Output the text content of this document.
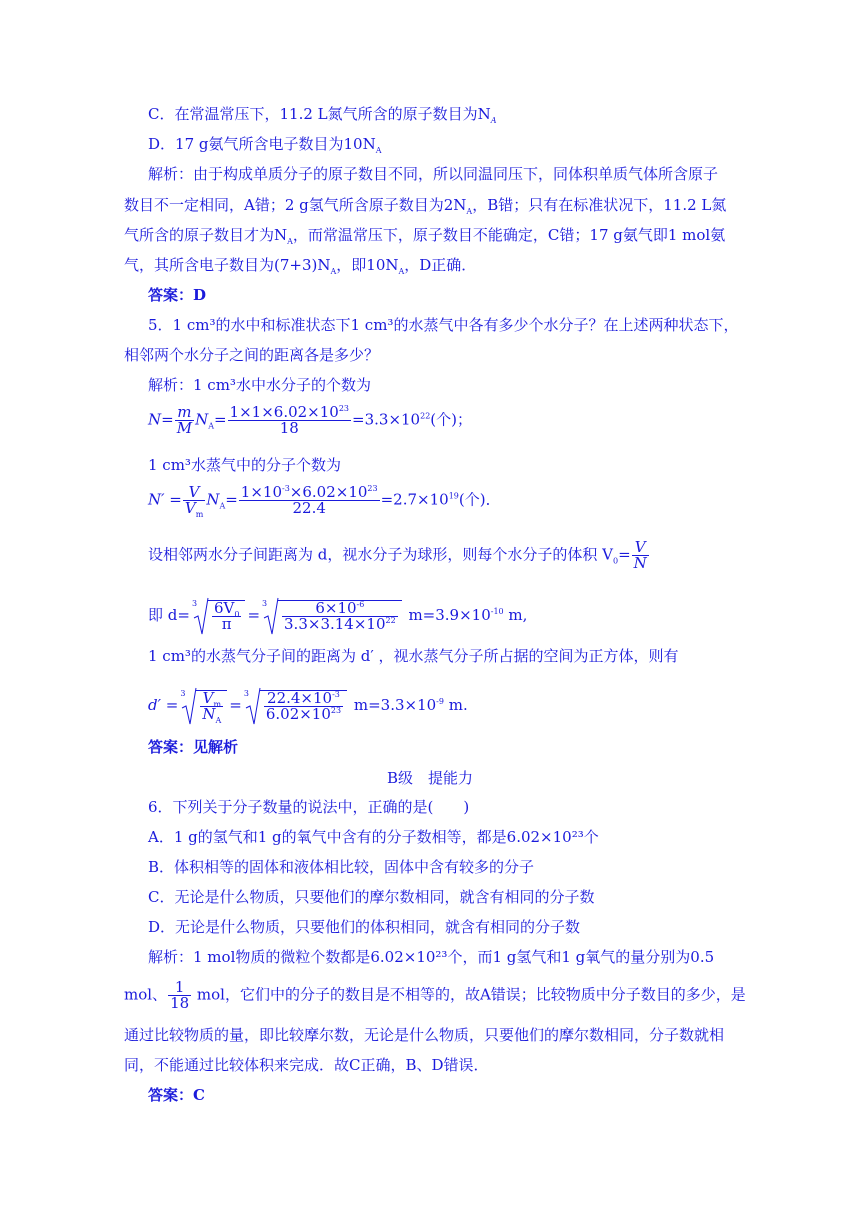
C．在常温常压下，11.2 L氮气所含的原子数目为$N_A$
D．17 g氨气所含电子数目为$10N_A$
解析：由于构成单质分子的原子数目不同，所以同温同压下，同体积单质气体所含原子
数目不一定相同，A错；2 g氢气所含原子数目为$2N_A$，B错；只有在标准状况下，11.2 L氮
气所含的原子数目才为$N_A$，而常温常压下，原子数目不能确定，C错；17 g氨气即1 mol氨
气，其所含电子数目为$(7+3)N_A$，即$10N_A$，D正确．
答案：D
5．1 cm³的水中和标准状态下1 cm³的水蒸气中各有多少个水分子？在上述两种状态下，
相邻两个水分子之间的距离各是多少？
解析：1 cm³水中水分子的个数为
$N= \frac{m}{M} N_A= \frac{1\times 1\times 6.02\times 10^{23}}{18} =3.3\times 10^{22}$(个)；
1 cm³水蒸气中的分子个数为
$N' = \frac{V}{V_m} N_A= \frac{1\times 10^{-3}\times 6.02\times 10^{23}}{22.4} =2.7\times 10^{19}$(个)．
设相邻两水分子间距离为 d，视水分子为球形，则每个水分子的体积 $V_0= \frac{V}{N}$
即 d=
$3 \frac{6V_0}{\pi}$ =
$3 \frac{6\times 10^{-6}}{3.3\times 3.14\times 10^{22}} m=3.9\times 10^{-10}$ m,
1 cm³的水蒸气分子间的距离为 d′ ，视水蒸气分子所占据的空间为正方体，则有
d′ =
$3 \frac{V_m}{N_A}$ =
$3 \frac{22.4\times 10^{-3}}{6.02\times 10^{23}} m=3.3\times 10^{-9}$ m.
答案：见解析
B级　提能力
6．下列关于分子数量的说法中，正确的是(　　)
A．1 g的氢气和1 g的氧气中含有的分子数相等，都是6.02×10²³个
B．体积相等的固体和液体相比较，固体中含有较多的分子
C．无论是什么物质，只要他们的摩尔数相同，就含有相同的分子数
D．无论是什么物质，只要他们的体积相同，就含有相同的分子数
解析：1 mol物质的微粒个数都是6.02×10²³个，而1 g氢气和1 g氧气的量分别为0.5
mol、 $\frac{1}{18}$ mol，它们中的分子的数目是不相等的，故A错误；比较物质中分子数目的多少，是
通过比较物质的量，即比较摩尔数，无论是什么物质，只要他们的摩尔数相同，分子数就相
同，不能通过比较体积来完成．故C正确，B、D错误．
答案：C
